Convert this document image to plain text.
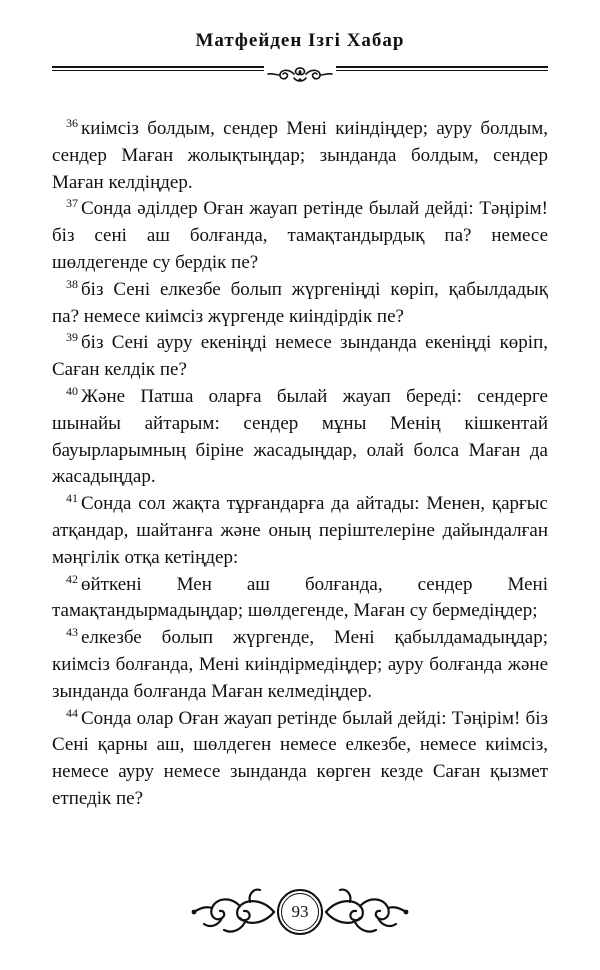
Матфейден Ізгі Хабар

$^{36}$ киімсіз болдым, сендер Мені киіндіңдер; ауру болдым, сендер Маған жолықтыңдар; зынданда болдым, сендер Маған келдіңдер.

$^{37}$ Сонда әділдер Оған жауап ретінде былай дейді: Тәңірім! біз сені аш болғанда, тамақтандырдық па? немесе шөлдегенде су бердік пе?

$^{38}$ біз Сені елкезбе болып жүргеніңді көріп, қабылдадық па? немесе киімсіз жүргенде киіндірдік пе?

$^{39}$ біз Сені ауру екеніңді немесе зынданда екеніңді көріп, Саған келдік пе?

$^{40}$ Және Патша оларға былай жауап береді: сендерге шынайы айтарым: сендер мұны Менің кішкентай бауырларымның біріне жасадыңдар, олай болса Маған да жасадыңдар.

$^{41}$ Сонда сол жақта тұрғандарға да айтады: Менен, қарғыс атқандар, шайтанға және оның періштелеріне дайындалған мәңгілік отқа кетіңдер:

$^{42}$ өйткені Мен аш болғанда, сендер Мені тамақтандырмадыңдар; шөлдегенде, Маған су бермедіңдер;

$^{43}$ елкезбе болып жүргенде, Мені қабылдамадыңдар; киімсіз болғанда, Мені киіндірмедіңдер; ауру болғанда және зынданда болғанда Маған келмедіңдер.

$^{44}$ Сонда олар Оған жауап ретінде былай дейді: Тәңірім! біз Сені қарны аш, шөлдеген немесе елкезбе, немесе киімсіз, немесе ауру немесе зынданда көрген кезде Саған қызмет етпедік пе?

93
